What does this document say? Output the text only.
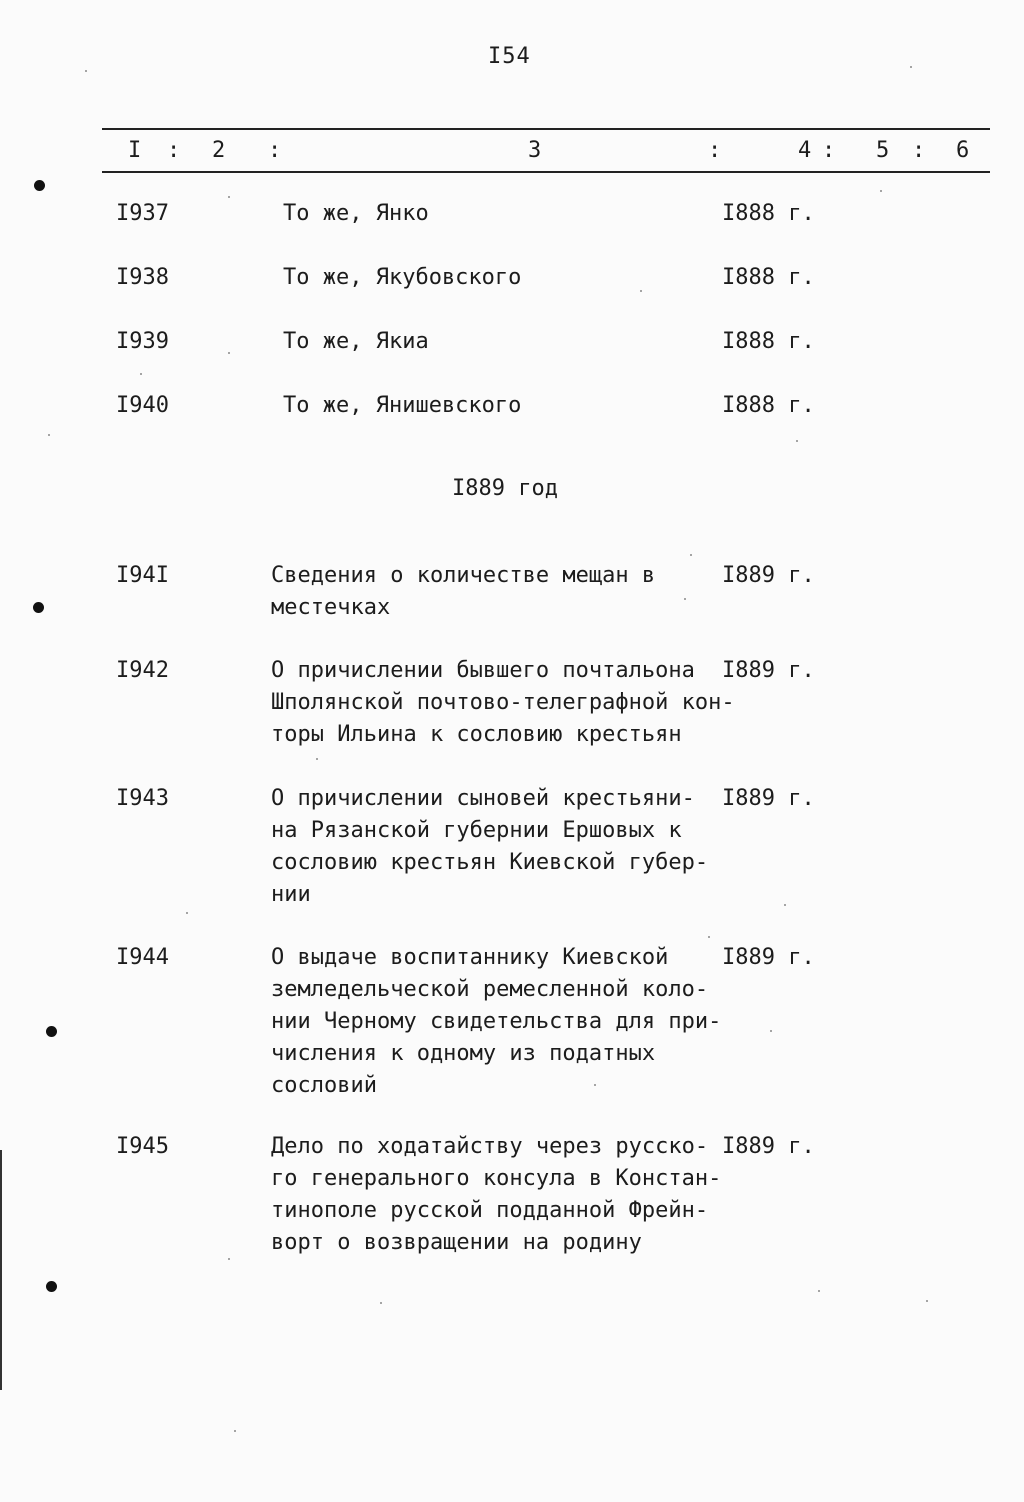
I54
I : 2 :	3	:	4 : 5 : 6
I937	То же, Янко	I888 г.
I938	То же, Якубовского	I888 г.
I939	То же, Якиа	I888 г.
I940	То же, Янишевского	I888 г.
I889 год
I94I	Сведения о количестве мещан в
местечках
I889 г.
I942	О причислении бывшего почтальона
Шполянской почтово-телеграфной кон-
торы Ильина к сословию крестьян
I889 г.
I943	О причислении сыновей крестьяни-
на Рязанской губернии Ершовых к
сословию крестьян Киевской губер-
нии
I889 г.
I944	О выдаче воспитаннику Киевской
земледельческой ремесленной коло-
нии Черному свидетельства для при-
числения к одному из податных
сословий
I889 г.
I945	Дело по ходатайству через русско-
го генерального консула в Констан-
тинополе русской подданной Фрейн-
ворт о возвращении на родину
I889 г.
